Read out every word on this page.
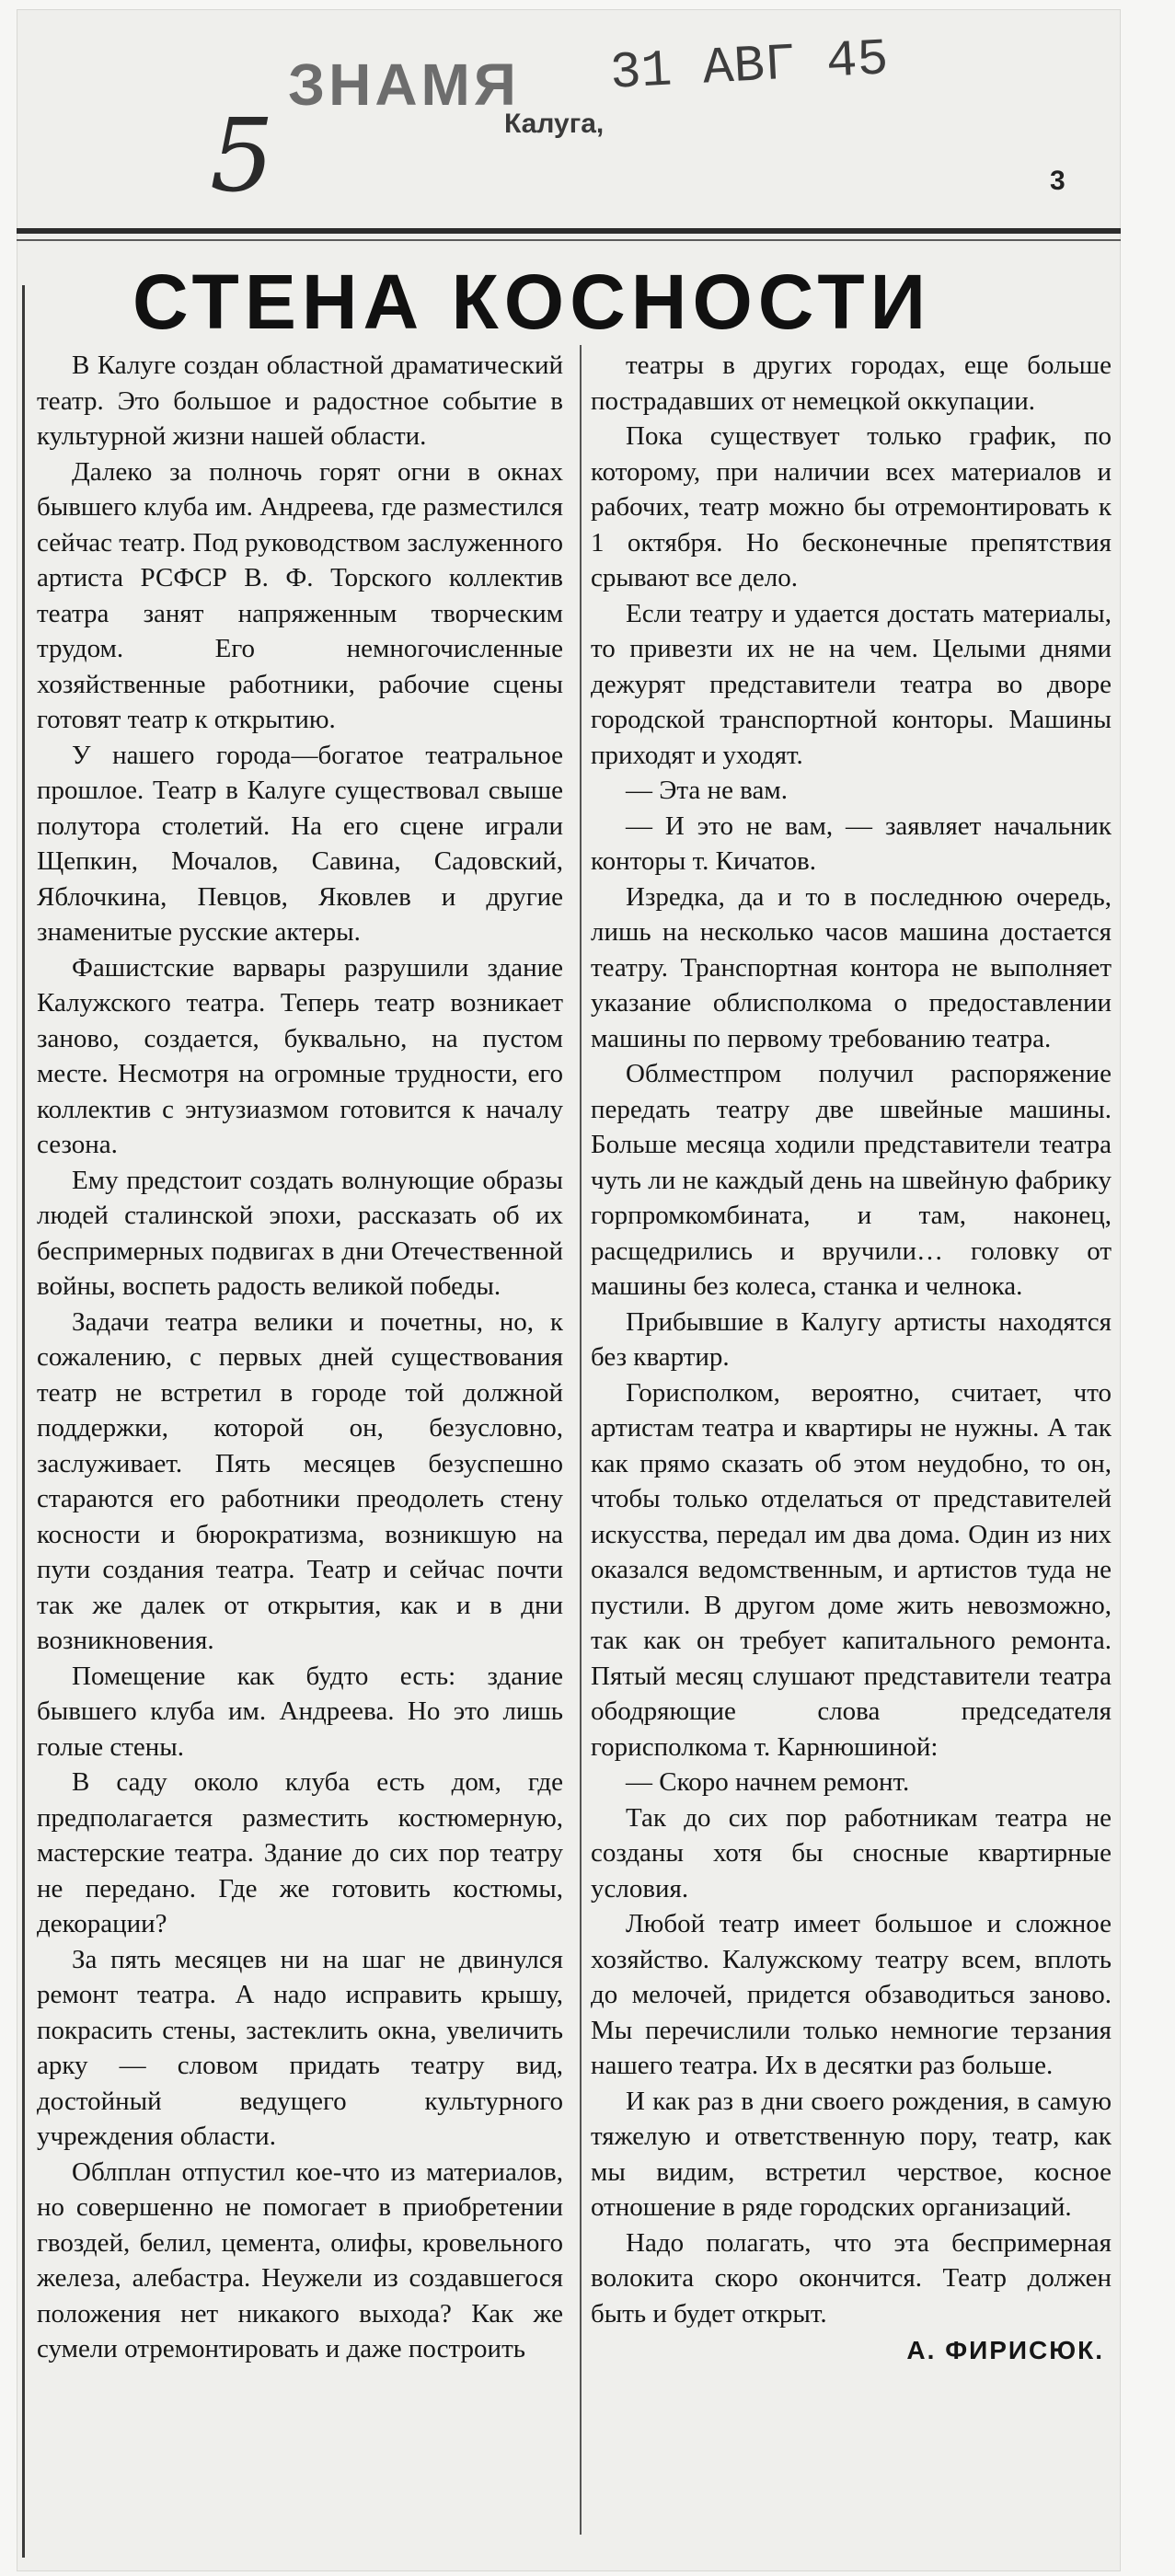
ЗНАМЯ 31 АВГ 45
Калуга,
5	3
СТЕНА КОСНОСТИ

В Калуге создан областной драматический театр. Это большое и радостное событие в культурной жизни нашей области.

Далеко за полночь горят огни в окнах бывшего клуба им. Андреева, где разместился сейчас театр. Под руководством заслуженного артиста РСФСР В. Ф. Торского коллектив театра занят напряженным творческим трудом. Его немногочисленные хозяйственные работники, рабочие сцены готовят театр к открытию.

У нашего города—богатое театральное прошлое. Театр в Калуге существовал свыше полутора столетий. На его сцене играли Щепкин, Мочалов, Савина, Садовский, Яблочкина, Певцов, Яковлев и другие знаменитые русские актеры.

Фашистские варвары разрушили здание Калужского театра. Теперь театр возникает заново, создается, буквально, на пустом месте. Несмотря на огромные трудности, его коллектив с энтузиазмом готовится к началу сезона.

Ему предстоит создать волнующие образы людей сталинской эпохи, рассказать об их беспримерных подвигах в дни Отечественной войны, воспеть радость великой победы.

Задачи театра велики и почетны, но, к сожалению, с первых дней существования театр не встретил в городе той должной поддержки, которой он, безусловно, заслуживает. Пять месяцев безуспешно стараются его работники преодолеть стену косности и бюрократизма, возникшую на пути создания театра. Театр и сейчас почти так же далек от открытия, как и в дни возникновения.

Помещение как будто есть: здание бывшего клуба им. Андреева. Но это лишь голые стены.

В саду около клуба есть дом, где предполагается разместить костюмерную, мастерские театра. Здание до сих пор театру не передано. Где же готовить костюмы, декорации?

За пять месяцев ни на шаг не двинулся ремонт театра. А надо исправить крышу, покрасить стены, застеклить окна, увеличить арку — словом придать театру вид, достойный ведущего культурного учреждения области.

Облплан отпустил кое-что из материалов, но совершенно не помогает в приобретении гвоздей, белил, цемента, олифы, кровельного железа, алебастра. Неужели из создавшегося положения нет никакого выхода? Как же сумели отремонтировать и даже построить

театры в других городах, еще больше пострадавших от немецкой оккупации.

Пока существует только график, по которому, при наличии всех материалов и рабочих, театр можно бы отремонтировать к 1 октября. Но бесконечные препятствия срывают все дело.

Если театру и удается достать материалы, то привезти их не на чем. Целыми днями дежурят представители театра во дворе городской транспортной конторы. Машины приходят и уходят.

— Эта не вам.

— И это не вам, — заявляет начальник конторы т. Кичатов.

Изредка, да и то в последнюю очередь, лишь на несколько часов машина достается театру. Транспортная контора не выполняет указание облисполкома о предоставлении машины по первому требованию театра.

Облместпром получил распоряжение передать театру две швейные машины. Больше месяца ходили представители театра чуть ли не каждый день на швейную фабрику горпромкомбината, и там, наконец, расщедрились и вручили… головку от машины без колеса, станка и челнока.

Прибывшие в Калугу артисты находятся без квартир.

Горисполком, вероятно, считает, что артистам театра и квартиры не нужны. А так как прямо сказать об этом неудобно, то он, чтобы только отделаться от представителей искусства, передал им два дома. Один из них оказался ведомственным, и артистов туда не пустили. В другом доме жить невозможно, так как он требует капитального ремонта. Пятый месяц слушают представители театра ободряющие слова председателя горисполкома т. Карнюшиной:

— Скоро начнем ремонт.

Так до сих пор работникам театра не созданы хотя бы сносные квартирные условия.

Любой театр имеет большое и сложное хозяйство. Калужскому театру всем, вплоть до мелочей, придется обзаводиться заново. Мы перечислили только немногие терзания нашего театра. Их в десятки раз больше.

И как раз в дни своего рождения, в самую тяжелую и ответственную пору, театр, как мы видим, встретил черствое, косное отношение в ряде городских организаций.

Надо полагать, что эта беспримерная волокита скоро окончится. Театр должен быть и будет открыт.

А. ФИРИСЮК.
